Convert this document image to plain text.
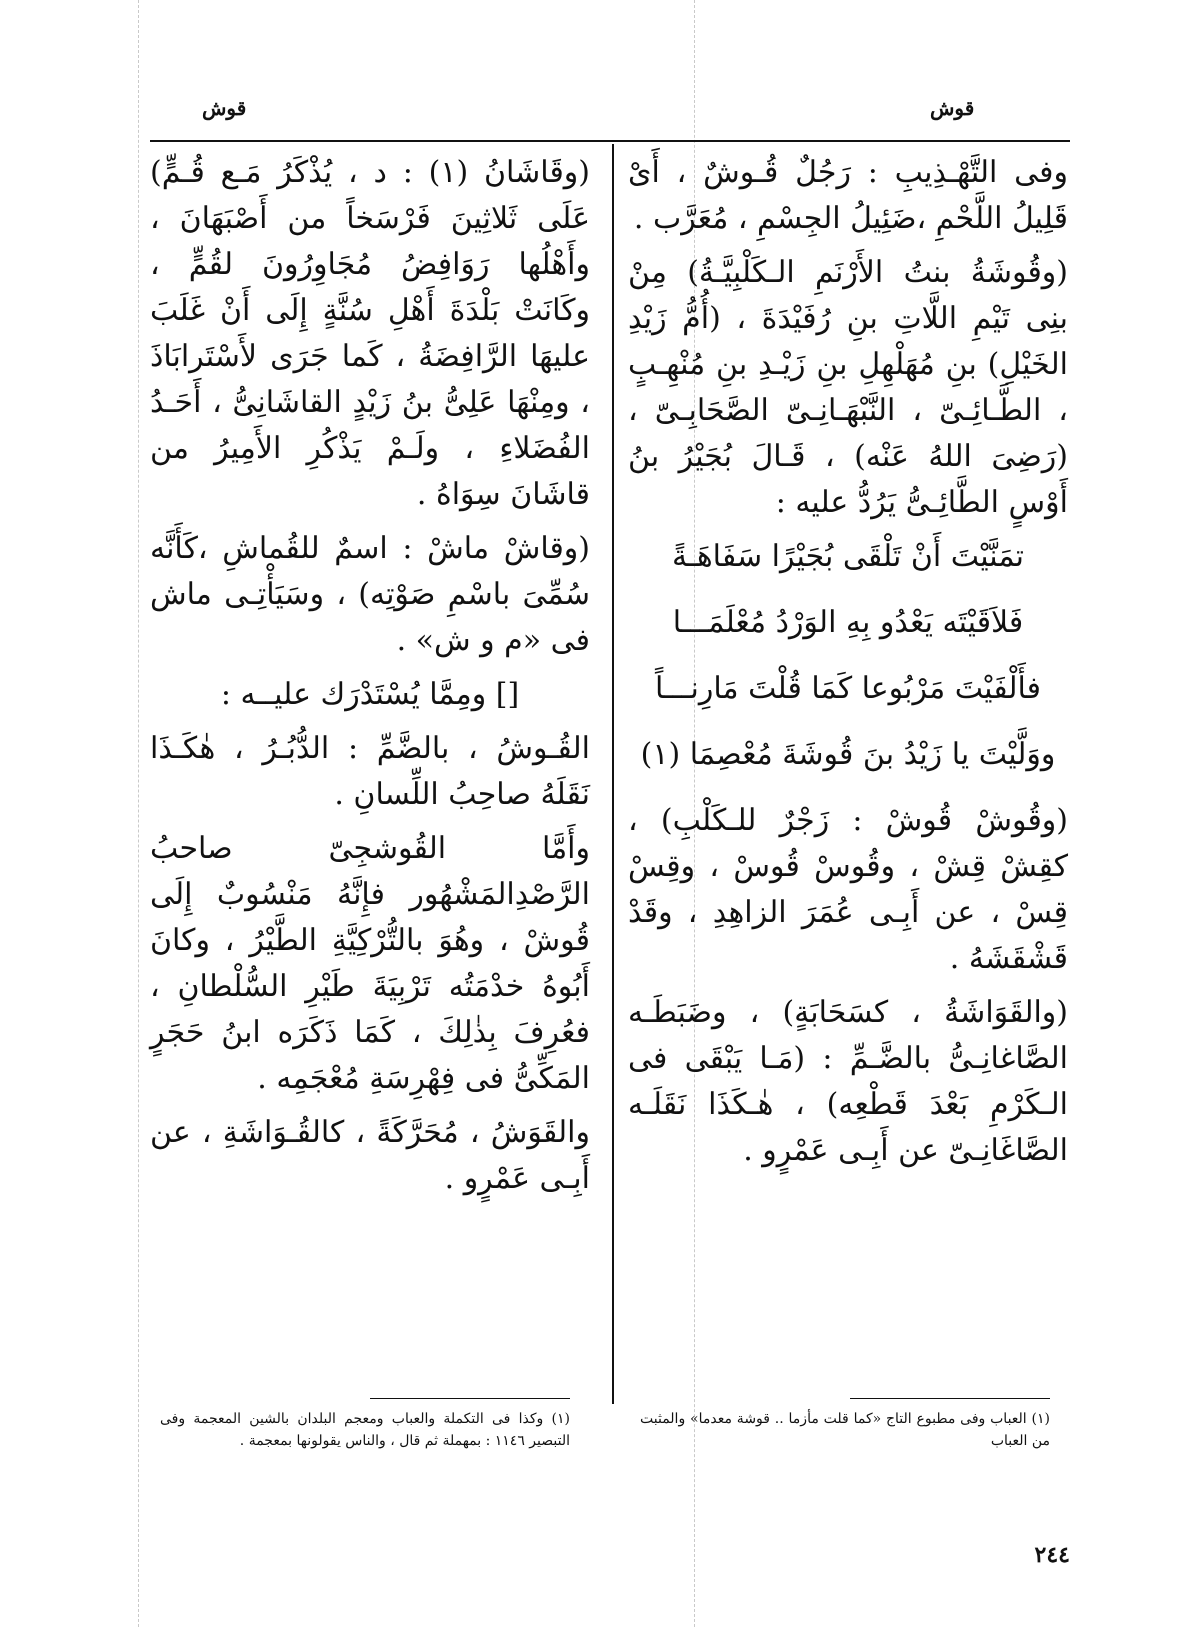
قوش	قوش

وفى التَّهْـذِيبِ : رَجُلٌ قُـوشٌ ، أَىْ قَلِيلُ اللَّحْمِ ،ضَئِيلُ الجِسْمِ ، مُعَرَّب .

(وقُوشَةُ بنتُ الأَرْنَمِ الـكَلْبِيَّـةُ) مِنْ بنِى تَيْمِ اللَّاتِ بنِ رُفَيْدَةَ ، (أُمُّ زَيْدِ الخَيْلِ) بنِ مُهَلْهِلِ بنِ زَيْـدِ بنِ مُنْهِـبٍ ، الطَّـائِـىّ ، النَّبْهَـانِـىّ الصَّحَابِـىّ ، (رَضِىَ اللهُ عَنْه) ، قَـالَ بُجَيْرُ بنُ أَوْسٍ الطَّائِـىُّ يَرُدُّ عليه :

تمَنَّيْتَ أَنْ تَلْقَى بُجَيْرًا سَفَاهَـةً
فَلاَقَيْتَه يَعْدُو بِهِ الوَرْدُ مُعْلَمَـــا
فأَلْفَيْتَ مَرْبُوعا كَمَا قُلْتَ مَارِنـــاً
ووَلَّيْتَ يا زَيْدُ بنَ قُوشَةَ مُعْصِمَا (١)

(وقُوشْ قُوشْ : زَجْرٌ للـكَلْبِ) ، كقِشْ قِشْ ، وقُوسْ قُوسْ ، وقِسْ قِسْ ، عن أَبِـى عُمَرَ الزاهِدِ ، وقَدْ قَشْقَشَهُ .

(والقَوَاشَةُ ، كسَحَابَةٍ) ، وضَبَطَـه الصَّاغانِـىُّ بالضَّـمِّ : (مَـا يَبْقَى فى الـكَرْمِ بَعْدَ قَطْعِه) ، هٰـكَذَا نَقَلَـه الصَّاغَانِـىّ عن أَبِـى عَمْرٍو .

(وقَاشَانُ (١) : د ، يُذْكَرُ مَـع قُـمٍّ) عَلَى ثَلاثِينَ فَرْسَخاً من أَصْبَهَانَ ، وأَهْلُها رَوَافِضُ مُجَاوِرُونَ لقُمٍّ ، وكَانَتْ بَلْدَةَ أَهْلِ سُنَّةٍ إِلَى أَنْ غَلَبَ عليهَا الرَّافِضَةُ ، كَما جَرَى لأَسْتَرابَاذَ ، ومِنْهَا عَلِىُّ بنُ زَيْدٍ القاشَانِىُّ ، أَحَـدُ الفُضَلاءِ ، ولَـمْ يَذْكُرِ الأَمِيرُ من قاشَانَ سِوَاهُ .

(وقاشْ ماشْ : اسمٌ للقُماشِ ،كَأَنَّه سُمِّىَ باسْمِ صَوْتِه) ، وسَيَأْتِـى ماش فى «م و ش» .

[] ومِمَّا يُسْتَدْرَك عليــه :

القُـوشُ ، بالضَّمِّ : الدُّبُـرُ ، هٰكَـذَا نَقَلَهُ صاحِبُ اللِّسانِ .

وأَمَّا القُوشجِىّ صاحبُ الرَّصْدِالمَشْهُور فإِنَّهُ مَنْسُوبٌ إِلَى قُوشْ ، وهُوَ بالتُّرْكِيَّةِ الطَّيْرُ ، وكانَ أَبُوهُ خدْمَتُه تَرْبِيَةَ طَيْرِ السُّلْطانِ ، فعُرِفَ بِذٰلِكَ ، كَمَا ذَكَرَه ابنُ حَجَرٍ المَكِّىُّ فى فِهْرِسَةِ مُعْجَمِه .

والقَوَشُ ، مُحَرَّكَةً ، كالقُـوَاشَةِ ، عن أَبِـى عَمْرٍو .

(١) وكذا فى التكملة والعباب ومعجم البلدان بالشين المعجمة وفى التبصير ١١٤٦ : بمهملة ثم قال ، والناس يقولونها بمعجمة .
(١) العباب وفى مطبوع التاج «كما قلت مأزما .. قوشة معدما» والمثبت من العباب
٢٤٤
